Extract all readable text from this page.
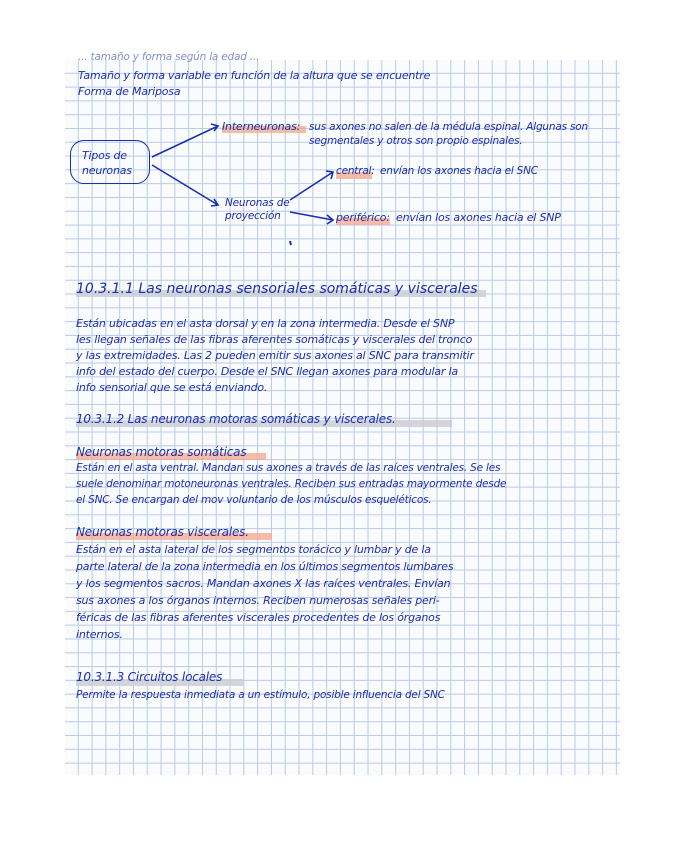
... tamaño y forma según la edad ...
Tamaño y forma variable en función de la altura que se encuentre
Forma de Mariposa
Tipos de
neuronas
Interneuronas: sus axones no salen de la médula espinal. Algunas son
segmentales y otros son propio espinales.
Neuronas de
proyección
central: envían los axones hacia el SNC
periférico: envían los axones hacia el SNP
10.3.1.1 Las neuronas sensoriales somáticas y viscerales
Están ubicadas en el asta dorsal y en la zona intermedia. Desde el SNP
les llegan señales de las fibras aferentes somáticas y viscerales del tronco
y las extremidades. Las 2 pueden emitir sus axones al SNC para transmitir
info del estado del cuerpo. Desde el SNC llegan axones para modular la
info sensorial que se está enviando.
10.3.1.2 Las neuronas motoras somáticas y viscerales.
Neuronas motoras somáticas
Están en el asta ventral. Mandan sus axones a través de las raíces ventrales. Se les
suele denominar motoneuronas ventrales. Reciben sus entradas mayormente desde
el SNC. Se encargan del mov voluntario de los músculos esqueléticos.
Neuronas motoras viscerales.
Están en el asta lateral de los segmentos torácico y lumbar y de la
parte lateral de la zona intermedia en los últimos segmentos lumbares
y los segmentos sacros. Mandan axones X las raíces ventrales. Envían
sus axones a los órganos internos. Reciben numerosas señales peri-
féricas de las fibras aferentes viscerales procedentes de los órganos
internos.
10.3.1.3 Circuitos locales
Permite la respuesta inmediata a un estímulo, posible influencia del SNC
